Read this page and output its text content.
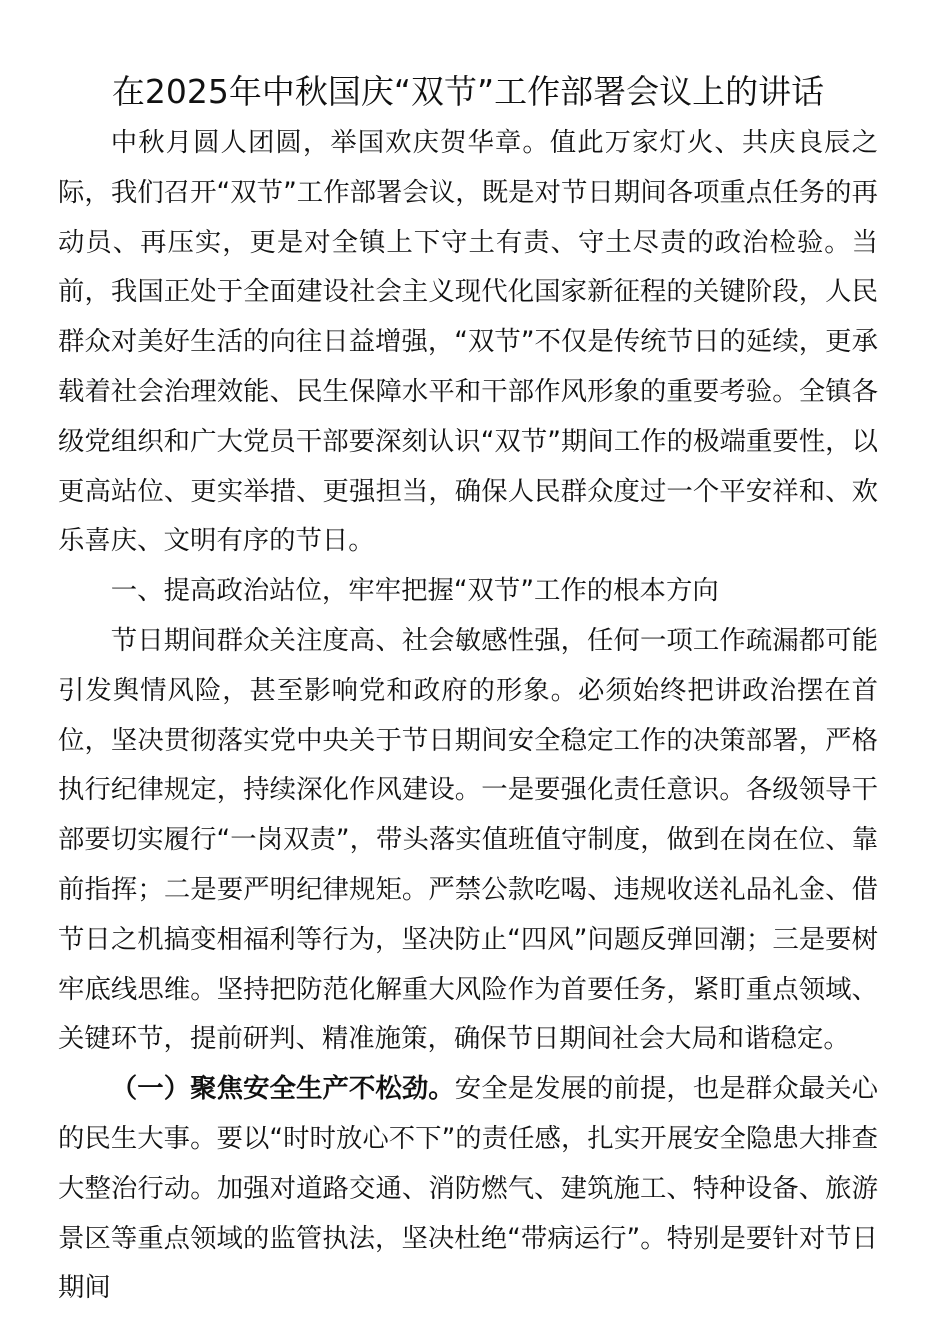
在2025年中秋国庆“双节”工作部署会议上的讲话

中秋月圆人团圆，举国欢庆贺华章。值此万家灯火、共庆良辰之际，我们召开“双节”工作部署会议，既是对节日期间各项重点任务的再动员、再压实，更是对全镇上下守土有责、守土尽责的政治检验。当前，我国正处于全面建设社会主义现代化国家新征程的关键阶段，人民群众对美好生活的向往日益增强，“双节”不仅是传统节日的延续，更承载着社会治理效能、民生保障水平和干部作风形象的重要考验。全镇各级党组织和广大党员干部要深刻认识“双节”期间工作的极端重要性，以更高站位、更实举措、更强担当，确保人民群众度过一个平安祥和、欢乐喜庆、文明有序的节日。

一、提高政治站位，牢牢把握“双节”工作的根本方向

节日期间群众关注度高、社会敏感性强，任何一项工作疏漏都可能引发舆情风险，甚至影响党和政府的形象。必须始终把讲政治摆在首位，坚决贯彻落实党中央关于节日期间安全稳定工作的决策部署，严格执行纪律规定，持续深化作风建设。一是要强化责任意识。各级领导干部要切实履行“一岗双责”，带头落实值班值守制度，做到在岗在位、靠前指挥；二是要严明纪律规矩。严禁公款吃喝、违规收送礼品礼金、借节日之机搞变相福利等行为，坚决防止“四风”问题反弹回潮；三是要树牢底线思维。坚持把防范化解重大风险作为首要任务，紧盯重点领域、关键环节，提前研判、精准施策，确保节日期间社会大局和谐稳定。

（一）聚焦安全生产不松劲。安全是发展的前提，也是群众最关心的民生大事。要以“时时放心不下”的责任感，扎实开展安全隐患大排查大整治行动。加强对道路交通、消防燃气、建筑施工、特种设备、旅游景区等重点领域的监管执法，坚决杜绝“带病运行”。特别是要针对节日期间
